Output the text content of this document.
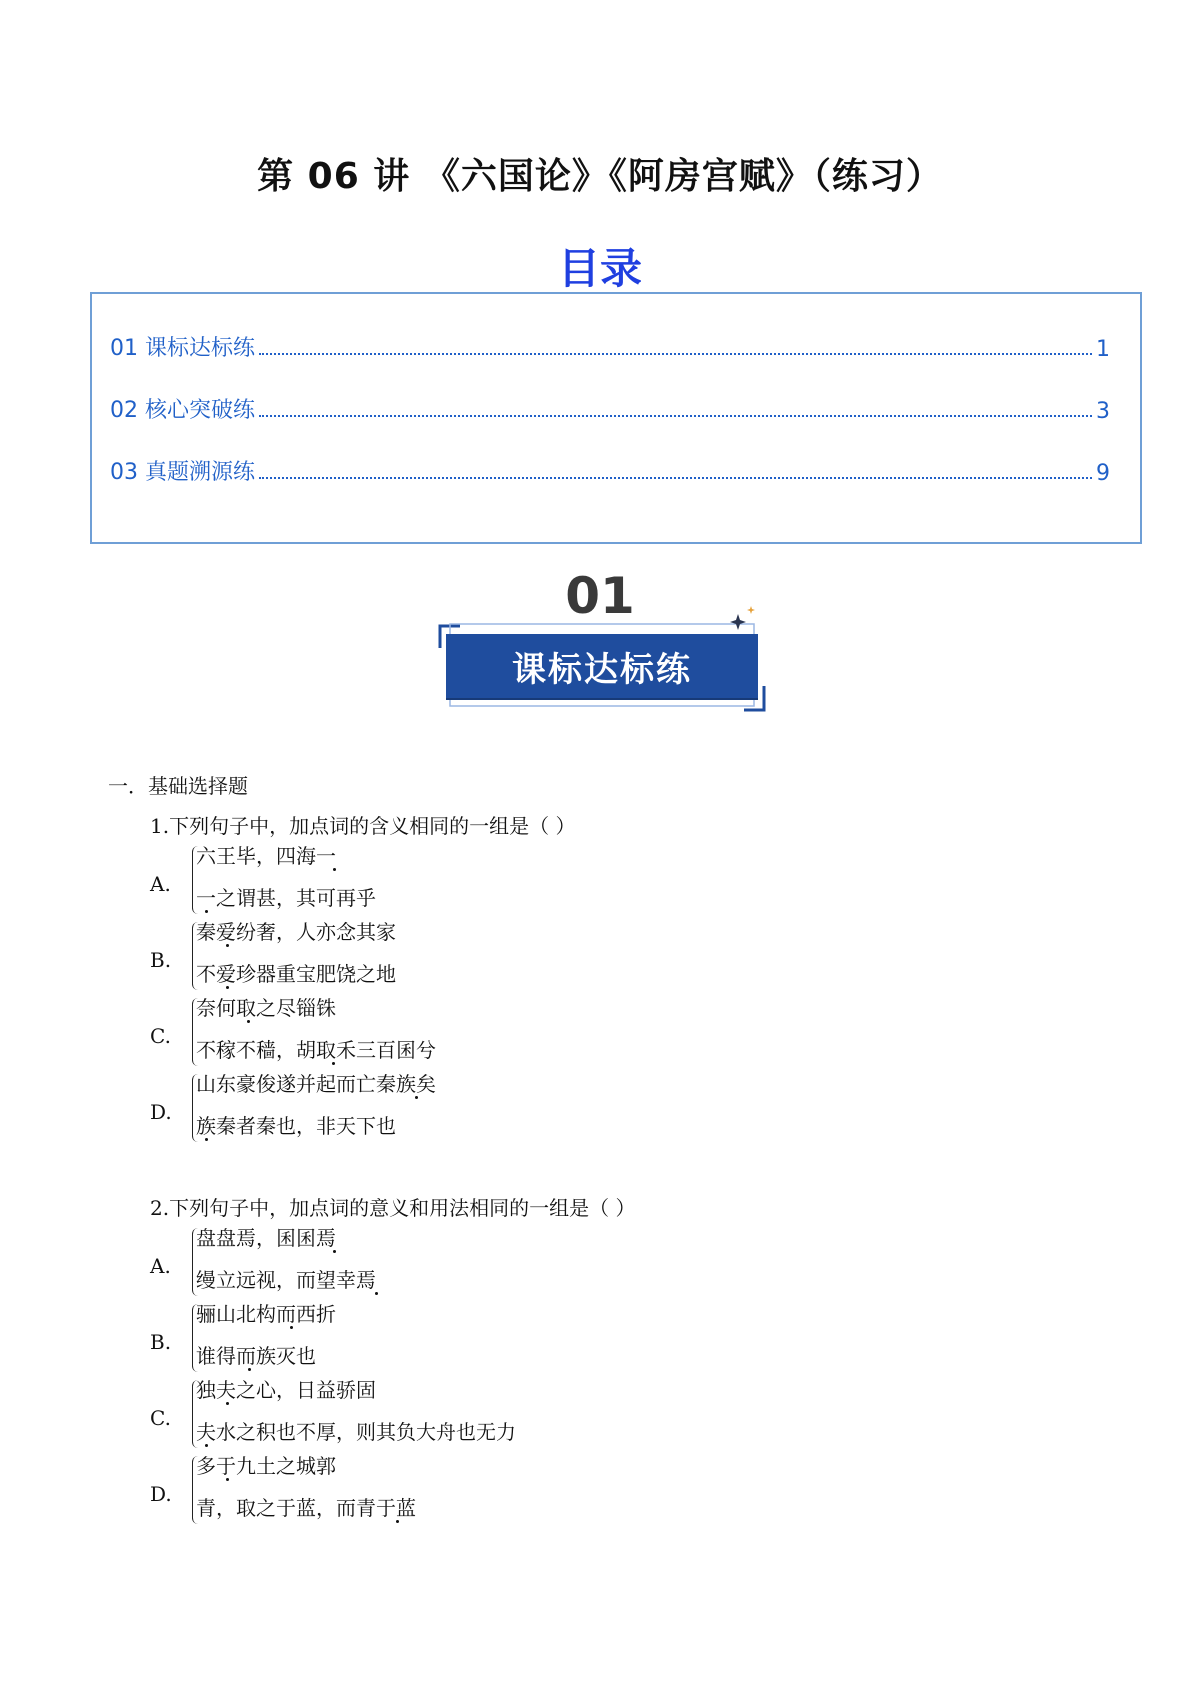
第 06 讲 《六国论》《阿房宫赋》（练习）
目录
01 课标达标练	1
02 核心突破练	3
03 真题溯源练	9
01
课标达标练
一．基础选择题
1.下列句子中，加点词的含义相同的一组是（ ）
A.
六王毕，四海一
一之谓甚，其可再乎
B.
秦爱纷奢，人亦念其家
不爱珍器重宝肥饶之地
C.
奈何取之尽锱铢
不稼不穑，胡取禾三百囷兮
D.
山东豪俊遂并起而亡秦族矣
族秦者秦也，非天下也
2.下列句子中，加点词的意义和用法相同的一组是（ ）
A.
盘盘焉，囷囷焉
缦立远视，而望幸焉
B.
骊山北构而西折
谁得而族灭也
C.
独夫之心，日益骄固
夫水之积也不厚，则其负大舟也无力
D.
多于九土之城郭
青，取之于蓝，而青于蓝
